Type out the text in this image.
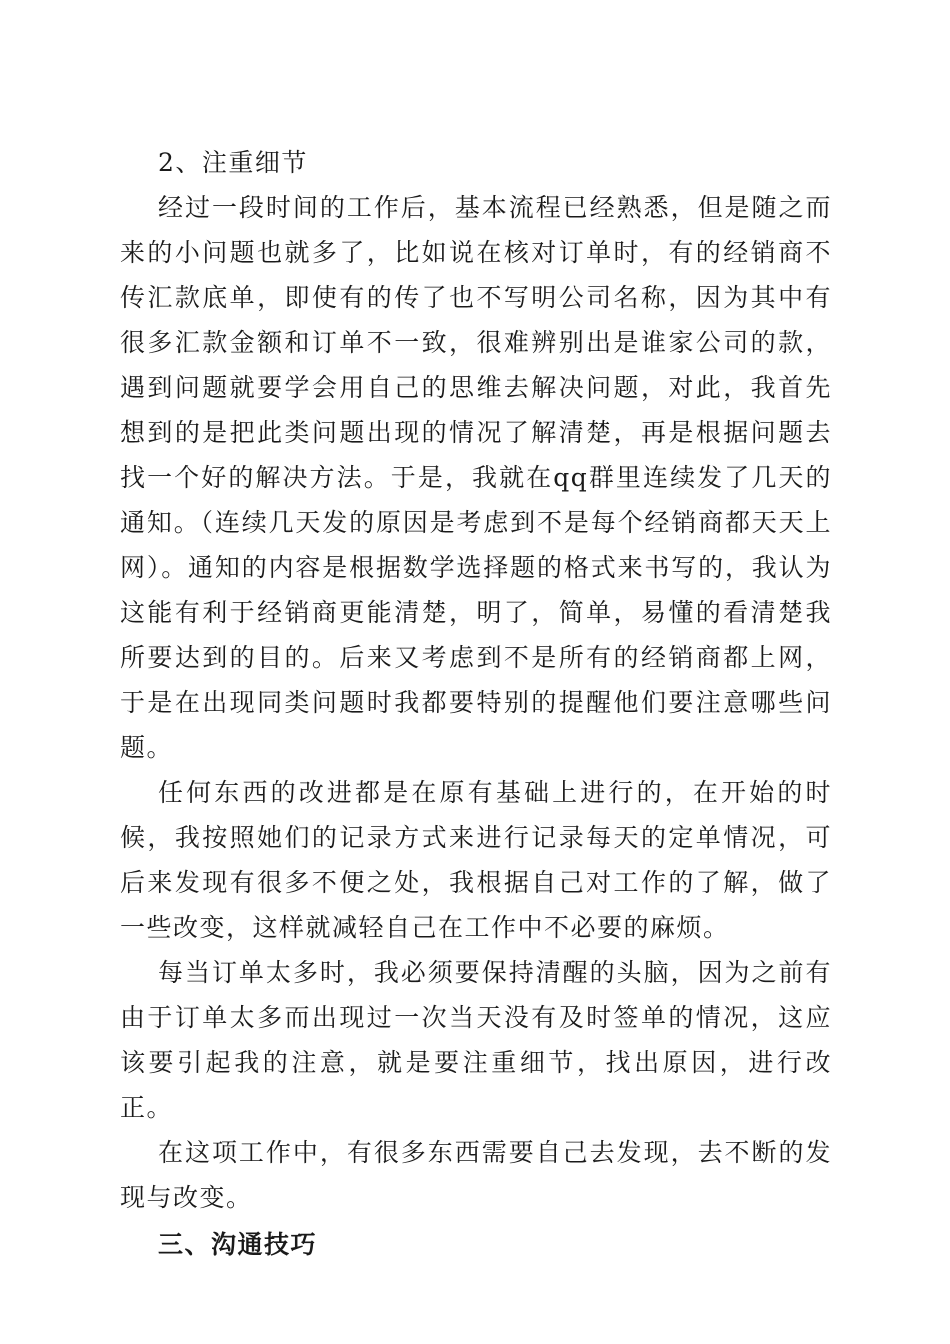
2、注重细节

经过一段时间的工作后，基本流程已经熟悉，但是随之而来的小问题也就多了，比如说在核对订单时，有的经销商不传汇款底单，即使有的传了也不写明公司名称，因为其中有很多汇款金额和订单不一致，很难辨别出是谁家公司的款，遇到问题就要学会用自己的思维去解决问题，对此，我首先想到的是把此类问题出现的情况了解清楚，再是根据问题去找一个好的解决方法。于是，我就在qq群里连续发了几天的通知。（连续几天发的原因是考虑到不是每个经销商都天天上网）。通知的内容是根据数学选择题的格式来书写的，我认为这能有利于经销商更能清楚，明了，简单，易懂的看清楚我所要达到的目的。后来又考虑到不是所有的经销商都上网，于是在出现同类问题时我都要特别的提醒他们要注意哪些问题。

任何东西的改进都是在原有基础上进行的，在开始的时候，我按照她们的记录方式来进行记录每天的定单情况，可后来发现有很多不便之处，我根据自己对工作的了解，做了一些改变，这样就减轻自己在工作中不必要的麻烦。

每当订单太多时，我必须要保持清醒的头脑，因为之前有由于订单太多而出现过一次当天没有及时签单的情况，这应该要引起我的注意，就是要注重细节，找出原因，进行改正。

在这项工作中，有很多东西需要自己去发现，去不断的发现与改变。

三、沟通技巧
